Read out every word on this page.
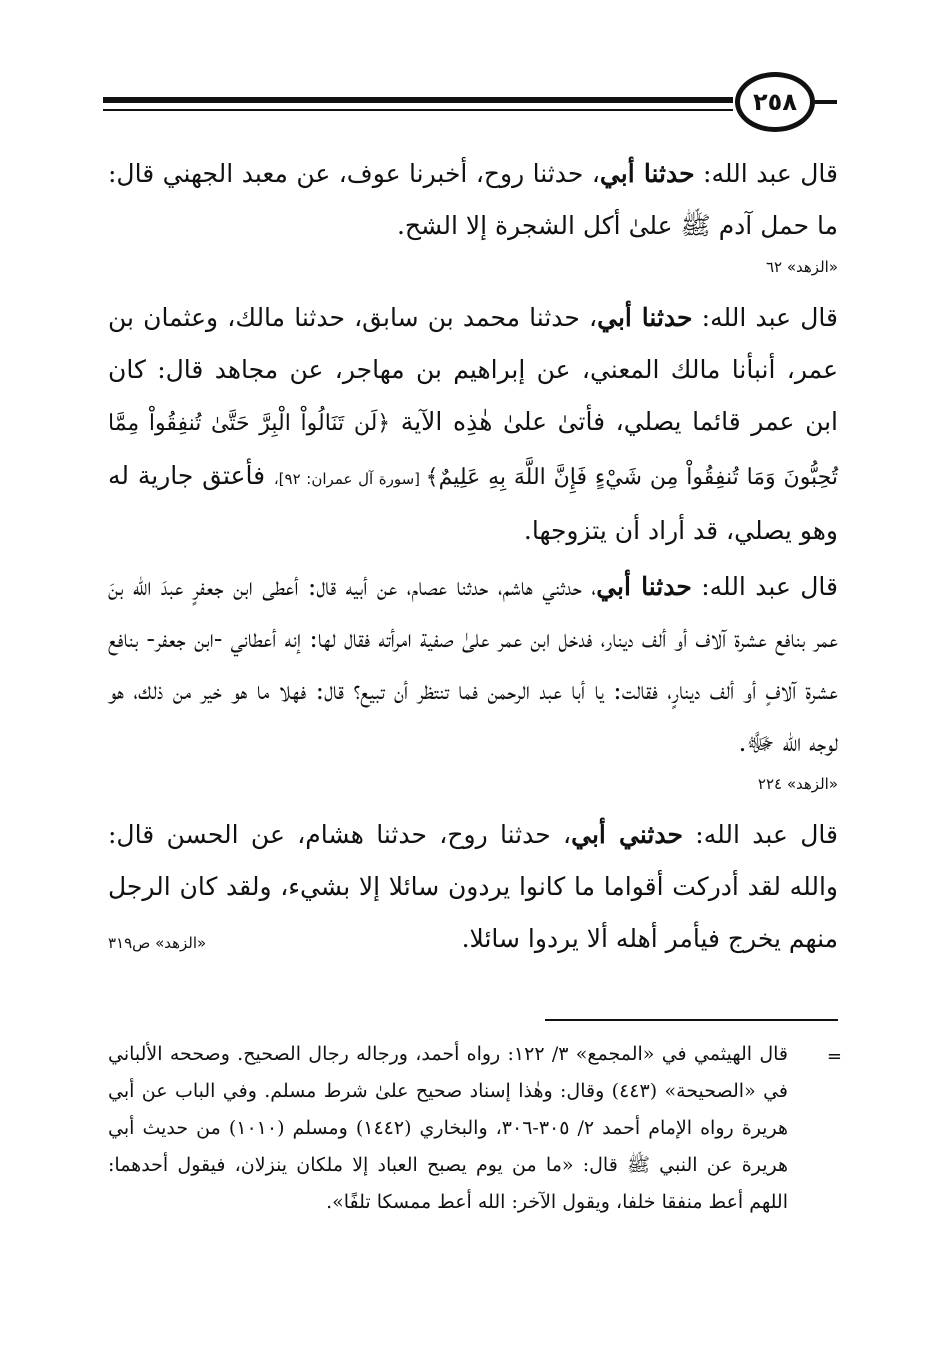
٢٥٨

قال عبد الله: حدثنا أبي، حدثنا روح، أخبرنا عوف، عن معبد الجهني قال: ما حمل آدم ﷺ علىٰ أكل الشجرة إلا الشح.

«الزهد» ٦٢

قال عبد الله: حدثنا أبي، حدثنا محمد بن سابق، حدثنا مالك، وعثمان بن عمر، أنبأنا مالك المعني، عن إبراهيم بن مهاجر، عن مجاهد قال: كان ابن عمر قائما يصلي، فأتىٰ علىٰ هٰذِه الآية ﴿لَن تَنَالُواْ الْبِرَّ حَتَّىٰ تُنفِقُواْ مِمَّا تُحِبُّونَ وَمَا تُنفِقُواْ مِن شَيْءٍ فَإِنَّ اللَّهَ بِهِ عَلِيمٌ﴾ [سورة آل عمران: ٩٢]، فأعتق جارية له وهو يصلي، قد أراد أن يتزوجها.

قال عبد الله: حدثنا أبي، حدثني هاشم، حدثنا عصام، عن أبيه قال: أعطى ابن جعفرٍ عبدَ الله بنَ عمر بنافع عشرة آلاف أو ألف دينار، فدخل ابن عمر علىٰ صفية امرأته فقال لها: إنه أعطاني -ابن جعفر- بنافع عشرة آلافٍ أو ألف دينارٍ، فقالت: يا أبا عبد الرحمن فما تنتظر أن تبيع؟ قال: فهلا ما هو خير من ذلك، هو لوجه الله ﷻ.

«الزهد» ٢٢٤

قال عبد الله: حدثني أبي، حدثنا روح، حدثنا هشام، عن الحسن قال: والله لقد أدركت أقواما ما كانوا يردون سائلا إلا بشيء، ولقد كان الرجل منهم يخرج فيأمر أهله ألا يردوا سائلا.
«الزهد» ص٣١٩

=
قال الهيثمي في «المجمع» ٣/ ١٢٢: رواه أحمد، ورجاله رجال الصحيح. وصححه الألباني في «الصحيحة» (٤٤٣) وقال: وهٰذا إسناد صحيح علىٰ شرط مسلم. وفي الباب عن أبي هريرة رواه الإمام أحمد ٢/ ٣٠٥-٣٠٦، والبخاري (١٤٤٢) ومسلم (١٠١٠) من حديث أبي هريرة عن النبي ﷺ قال: «ما من يوم يصبح العباد إلا ملكان ينزلان، فيقول أحدهما: اللهم أعط منفقا خلفا، ويقول الآخر: الله أعط ممسكا تلفًا».
